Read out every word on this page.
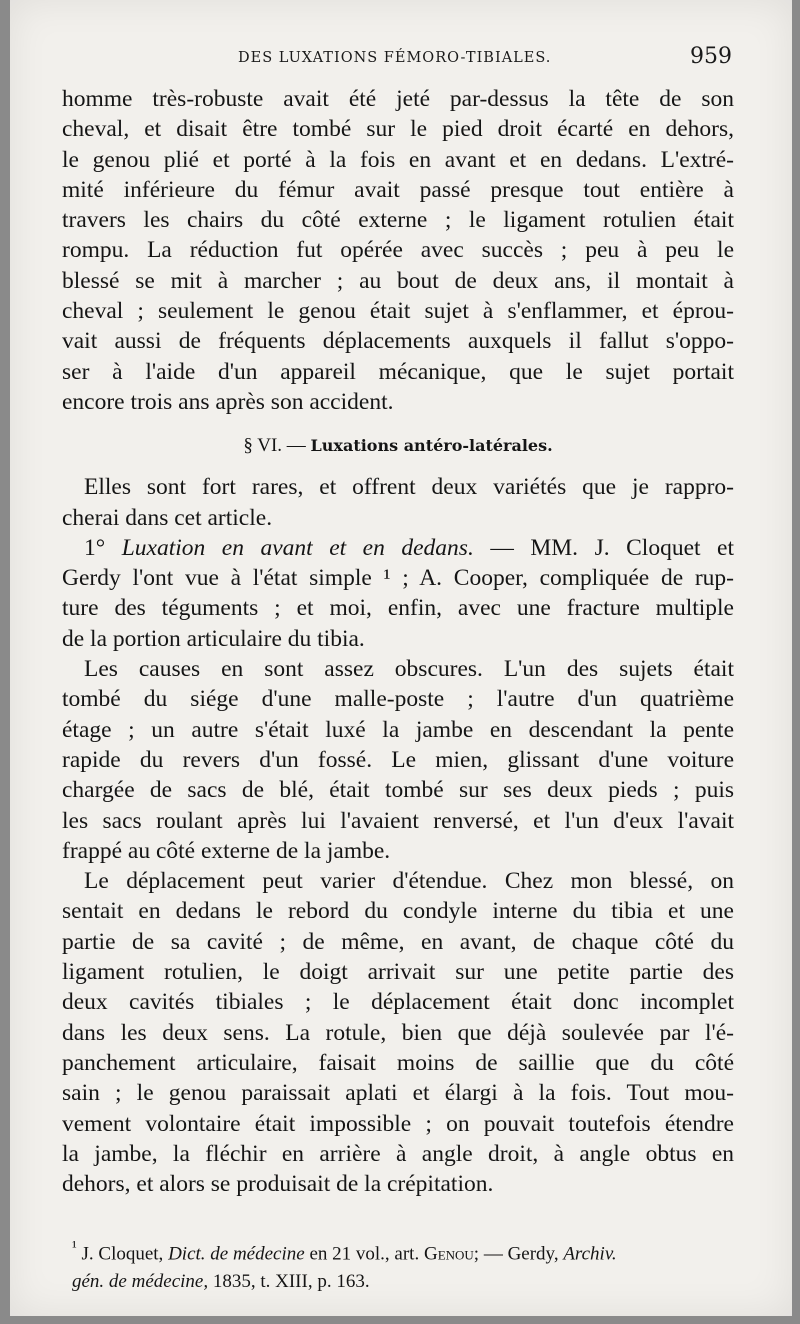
DES LUXATIONS FÉMORO-TIBIALES.	959
homme très-robuste avait été jeté par-dessus la tête de son
cheval, et disait être tombé sur le pied droit écarté en dehors,
le genou plié et porté à la fois en avant et en dedans. L'extré-
mité inférieure du fémur avait passé presque tout entière à
travers les chairs du côté externe ; le ligament rotulien était
rompu. La réduction fut opérée avec succès ; peu à peu le
blessé se mit à marcher ; au bout de deux ans, il montait à
cheval ; seulement le genou était sujet à s'enflammer, et éprou-
vait aussi de fréquents déplacements auxquels il fallut s'oppo-
ser à l'aide d'un appareil mécanique, que le sujet portait
encore trois ans après son accident.
§ VI. — Luxations antéro-latérales.
Elles sont fort rares, et offrent deux variétés que je rappro-
cherai dans cet article.
1° Luxation en avant et en dedans. — MM. J. Cloquet et
Gerdy l'ont vue à l'état simple ¹ ; A. Cooper, compliquée de rup-
ture des téguments ; et moi, enfin, avec une fracture multiple
de la portion articulaire du tibia.
Les causes en sont assez obscures. L'un des sujets était
tombé du siége d'une malle-poste ; l'autre d'un quatrième
étage ; un autre s'était luxé la jambe en descendant la pente
rapide du revers d'un fossé. Le mien, glissant d'une voiture
chargée de sacs de blé, était tombé sur ses deux pieds ; puis
les sacs roulant après lui l'avaient renversé, et l'un d'eux l'avait
frappé au côté externe de la jambe.
Le déplacement peut varier d'étendue. Chez mon blessé, on
sentait en dedans le rebord du condyle interne du tibia et une
partie de sa cavité ; de même, en avant, de chaque côté du
ligament rotulien, le doigt arrivait sur une petite partie des
deux cavités tibiales ; le déplacement était donc incomplet
dans les deux sens. La rotule, bien que déjà soulevée par l'é-
panchement articulaire, faisait moins de saillie que du côté
sain ; le genou paraissait aplati et élargi à la fois. Tout mou-
vement volontaire était impossible ; on pouvait toutefois étendre
la jambe, la fléchir en arrière à angle droit, à angle obtus en
dehors, et alors se produisait de la crépitation.
$^{^1}$ J. Cloquet, Dict. de médecine en 21 vol., art. Genou; — Gerdy, Archiv.
gén. de médecine, 1835, t. XIII, p. 163.
